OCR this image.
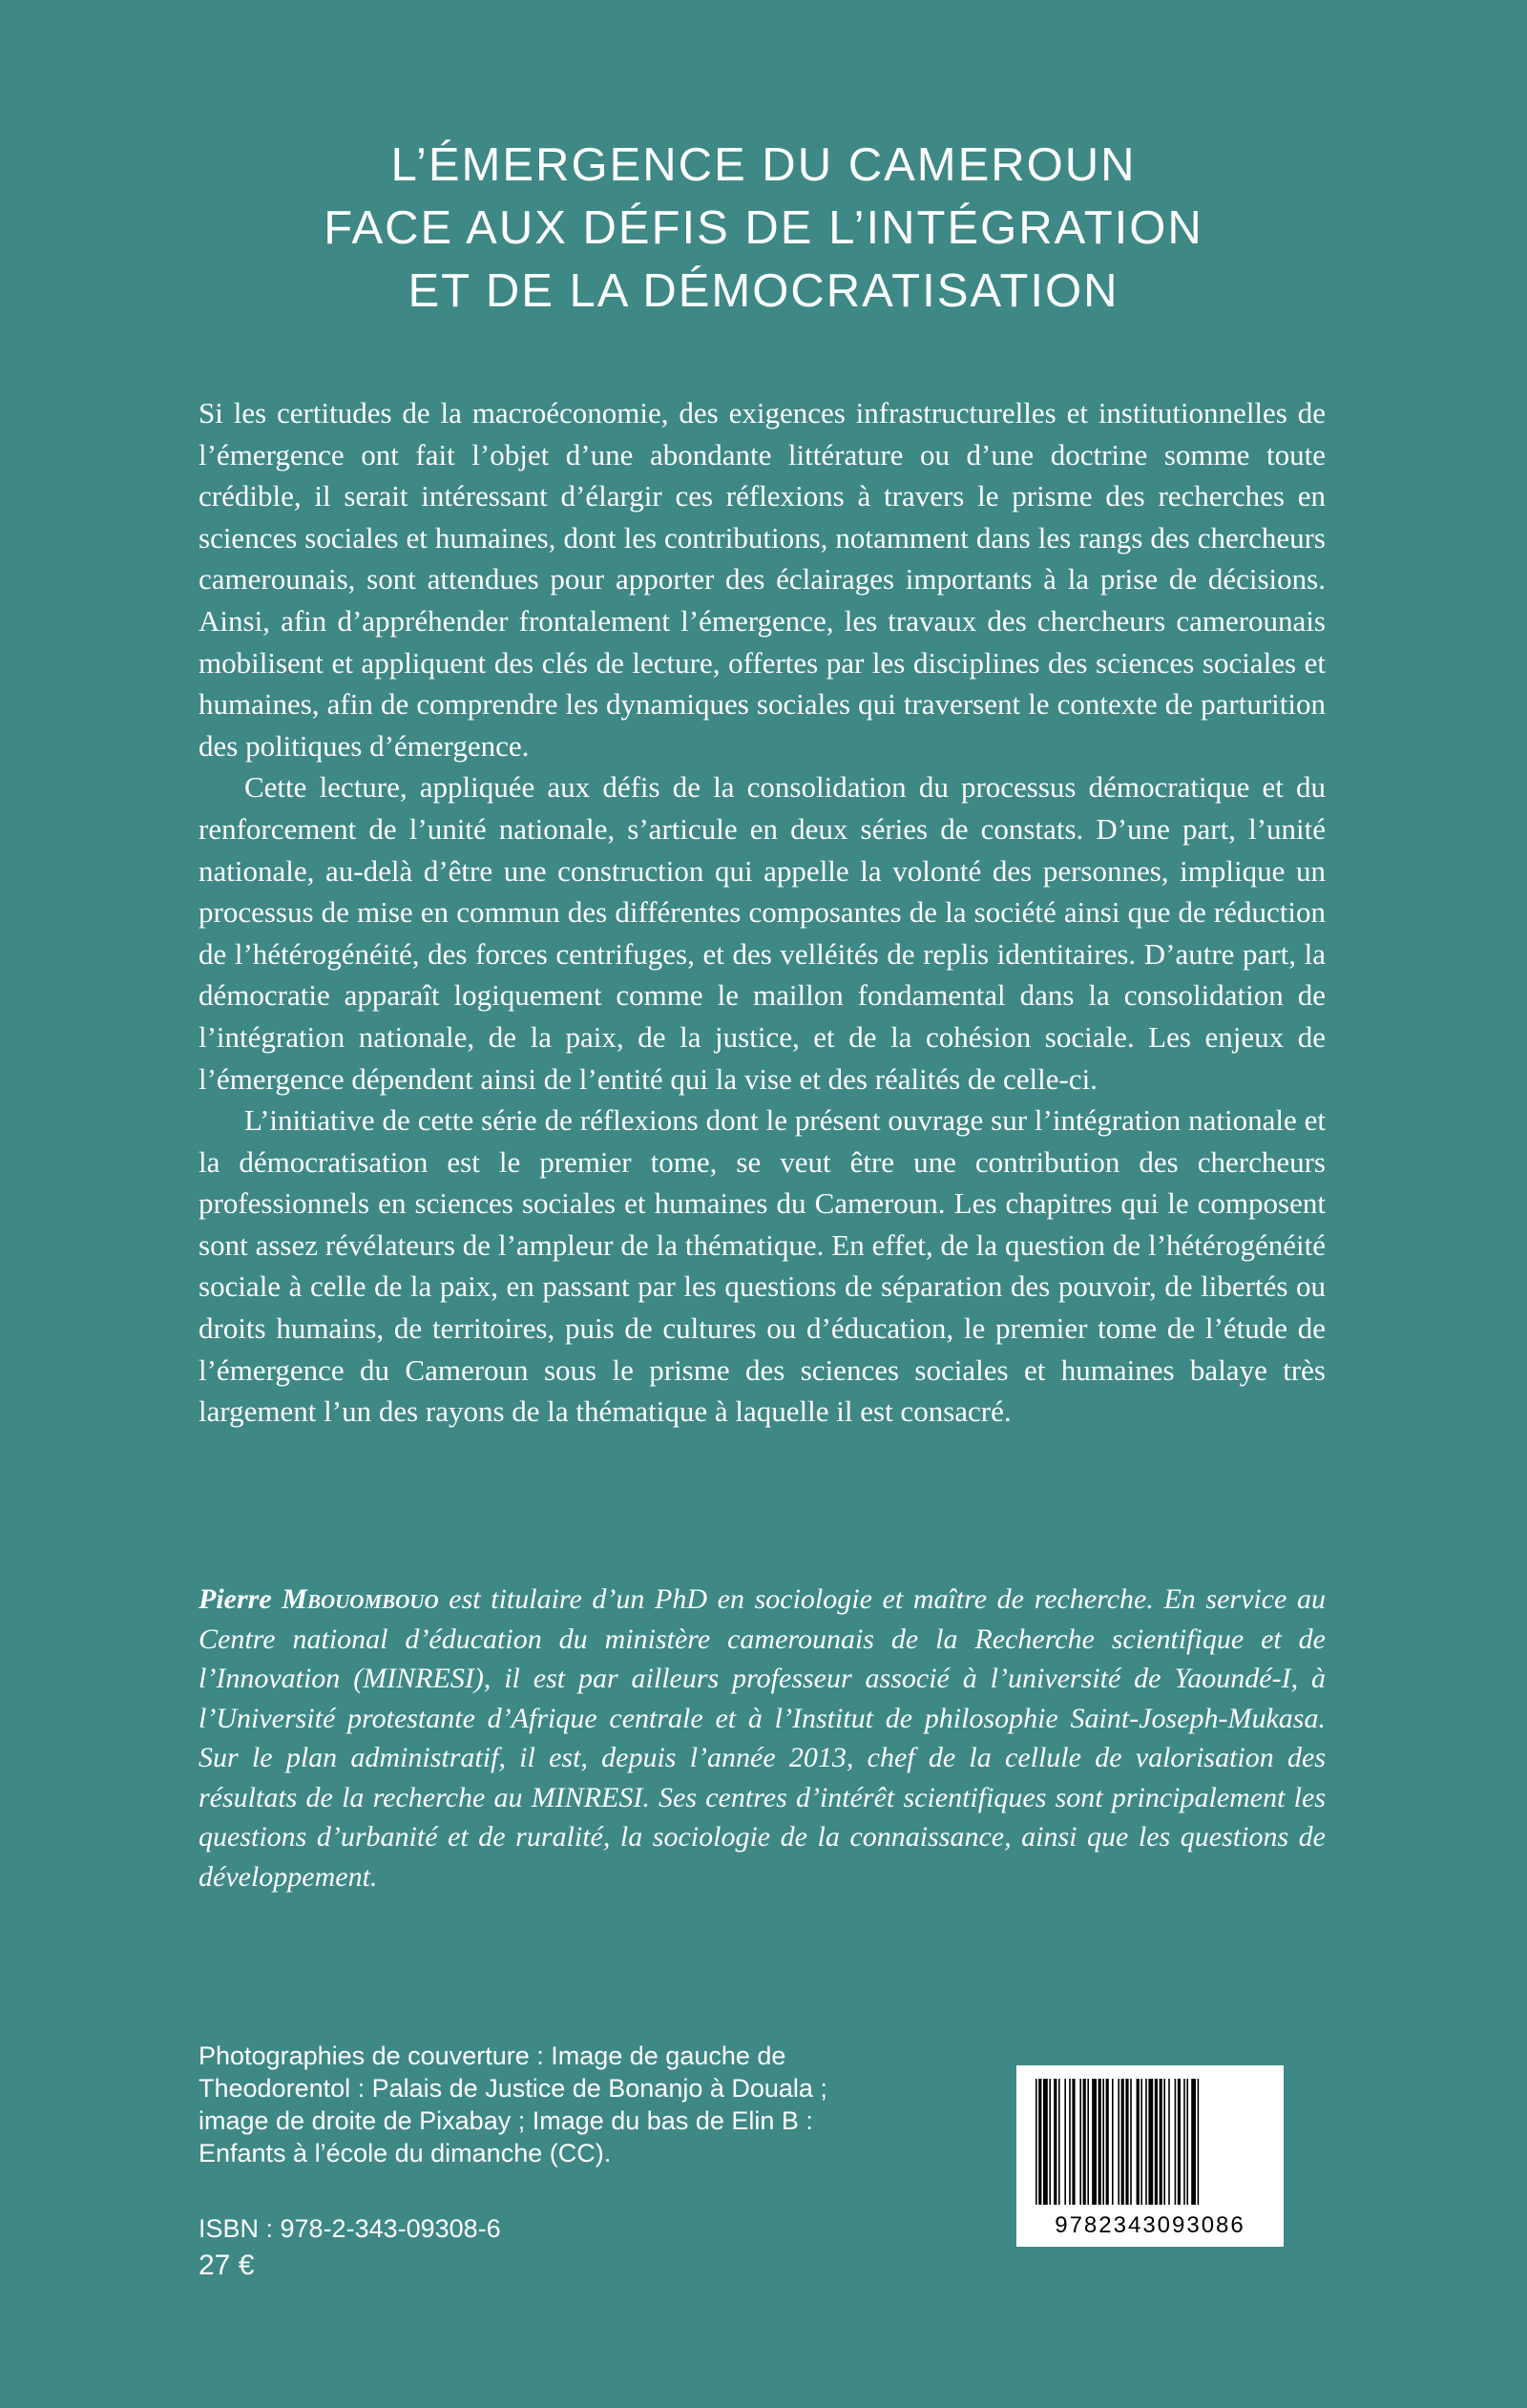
L’ÉMERGENCE DU CAMEROUN
FACE AUX DÉFIS DE L’INTÉGRATION
ET DE LA DÉMOCRATISATION

Si les certitudes de la macroéconomie, des exigences infrastructurelles et institutionnelles de l’émergence ont fait l’objet d’une abondante littérature ou d’une doctrine somme toute crédible, il serait intéressant d’élargir ces réflexions à travers le prisme des recherches en sciences sociales et humaines, dont les contributions, notamment dans les rangs des chercheurs camerounais, sont attendues pour apporter des éclairages importants à la prise de décisions. Ainsi, afin d’appréhender frontalement l’émergence, les travaux des chercheurs camerounais mobilisent et appliquent des clés de lecture, offertes par les disciplines des sciences sociales et humaines, afin de comprendre les dynamiques sociales qui traversent le contexte de parturition des politiques d’émergence.

Cette lecture, appliquée aux défis de la consolidation du processus démocratique et du renforcement de l’unité nationale, s’articule en deux séries de constats. D’une part, l’unité nationale, au-delà d’être une construction qui appelle la volonté des personnes, implique un processus de mise en commun des différentes composantes de la société ainsi que de réduction de l’hétérogénéité, des forces centrifuges, et des velléités de replis identitaires. D’autre part, la démocratie apparaît logiquement comme le maillon fondamental dans la consolidation de l’intégration nationale, de la paix, de la justice, et de la cohésion sociale. Les enjeux de l’émergence dépendent ainsi de l’entité qui la vise et des réalités de celle-ci.

L’initiative de cette série de réflexions dont le présent ouvrage sur l’intégration nationale et la démocratisation est le premier tome, se veut être une contribution des chercheurs professionnels en sciences sociales et humaines du Cameroun. Les chapitres qui le composent sont assez révélateurs de l’ampleur de la thématique. En effet, de la question de l’hétérogénéité sociale à celle de la paix, en passant par les questions de séparation des pouvoir, de libertés ou droits humains, de territoires, puis de cultures ou d’éducation, le premier tome de l’étude de l’émergence du Cameroun sous le prisme des sciences sociales et humaines balaye très largement l’un des rayons de la thématique à laquelle il est consacré.

Pierre Mbouombouo est titulaire d’un PhD en sociologie et maître de recherche. En service au Centre national d’éducation du ministère camerounais de la Recherche scientifique et de l’Innovation (MINRESI), il est par ailleurs professeur associé à l’université de Yaoundé-I, à l’Université protestante d’Afrique centrale et à l’Institut de philosophie Saint-Joseph-Mukasa. Sur le plan administratif, il est, depuis l’année 2013, chef de la cellule de valorisation des résultats de la recherche au MINRESI. Ses centres d’intérêt scientifiques sont principalement les questions d’urbanité et de ruralité, la sociologie de la connaissance, ainsi que les questions de développement.

Photographies de couverture : Image de gauche de
Theodorentol : Palais de Justice de Bonanjo à Douala ;
image de droite de Pixabay ; Image du bas de Elin B :
Enfants à l’école du dimanche (CC).

ISBN : 978-2-343-09308-6
27 €
9782343093086
